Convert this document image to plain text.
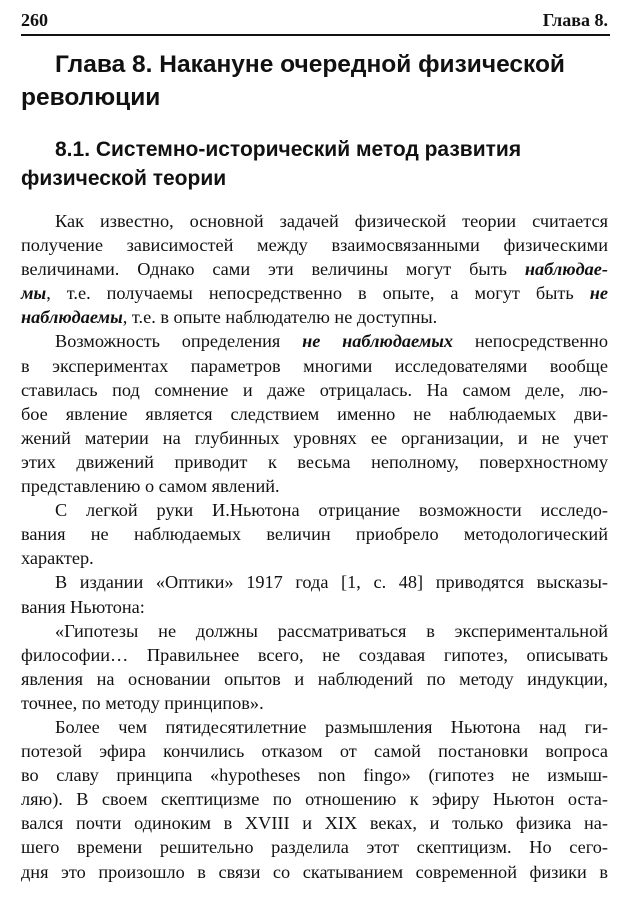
260	Глава 8.
Глава 8. Накануне очередной физической революции
8.1. Системно-исторический метод развития физической теории

Как известно, основной задачей физической теории считается
получение зависимостей между взаимосвязанными физическими
величинами. Однако сами эти величины могут быть наблюдае-
мы, т.е. получаемы непосредственно в опыте, а могут быть не
наблюдаемы, т.е. в опыте наблюдателю не доступны.

Возможность определения не наблюдаемых непосредственно
в экспериментах параметров многими исследователями вообще
ставилась под сомнение и даже отрицалась. На самом деле, лю-
бое явление является следствием именно не наблюдаемых дви-
жений материи на глубинных уровнях ее организации, и не учет
этих движений приводит к весьма неполному, поверхностному
представлению о самом явлений.

С легкой руки И.Ньютона отрицание возможности исследо-
вания не наблюдаемых величин приобрело методологический
характер.

В издании «Оптики» 1917 года [1, с. 48] приводятся высказы-
вания Ньютона:

«Гипотезы не должны рассматриваться в экспериментальной
философии… Правильнее всего, не создавая гипотез, описывать
явления на основании опытов и наблюдений по методу индукции,
точнее, по методу принципов».

Более чем пятидесятилетние размышления Ньютона над ги-
потезой эфира кончились отказом от самой постановки вопроса
во славу принципа «hypotheses non fingo» (гипотез не измыш-
ляю). В своем скептицизме по отношению к эфиру Ньютон оста-
вался почти одиноким в XVIII и XIX веках, и только физика на-
шего времени решительно разделила этот скептицизм. Но сего-
дня это произошло в связи со скатыванием современной физики в
